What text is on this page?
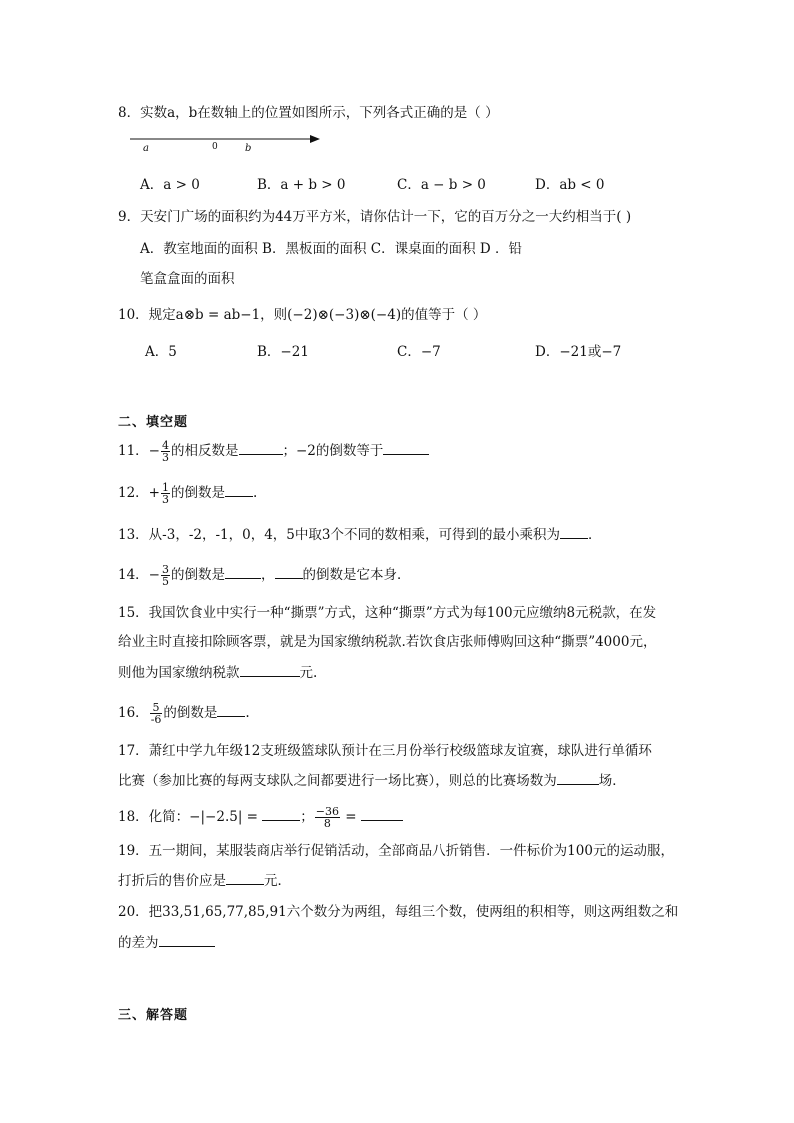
8．实数a，b在数轴上的位置如图所示，下列各式正确的是（ ）
a	0	b
A．a > 0	B．a + b > 0	C．a − b > 0	D．ab < 0
9．天安门广场的面积约为44万平方米，请你估计一下，它的百万分之一大约相当于( )
A．教室地面的面积 B．黑板面的面积 C．课桌面的面积 D ．铅
笔盒盒面的面积
10．规定a⊗b = ab−1，则(−2)⊗(−3)⊗(−4)的值等于（ ）
A．5	B．−21	C．−7	D．−21或−7
二、填空题
11．− $\frac{4}{3}$ 的相反数是	；−2的倒数等于
12．+ $\frac{1}{3}$ 的倒数是 .
13．从-3，-2，-1，0，4，5中取3个不同的数相乘，可得到的最小乘积为 ．
14．− $\frac{3}{5}$ 的倒数是	， 的倒数是它本身．
15．我国饮食业中实行一种“撕票”方式，这种“撕票”方式为每100元应缴纳8元税款，在发
给业主时直接扣除顾客票，就是为国家缴纳税款.若饮食店张师傅购回这种“撕票”4000元，
则他为国家缴纳税款	元.
16． $\frac{5}{-6}$ 的倒数是 .
17．萧红中学九年级12支班级篮球队预计在三月份举行校级篮球友谊赛，球队进行单循环
比赛（参加比赛的每两支球队之间都要进行一场比赛），则总的比赛场数为	场．
18．化简：−|−2.5| =	； $\frac{-36}{8}$ =
19．五一期间，某服装商店举行促销活动，全部商品八折销售．一件标价为100元的运动服，
打折后的售价应是	元．
20．把33,51,65,77,85,91六个数分为两组，每组三个数，使两组的积相等，则这两组数之和
的差为
三、解答题
